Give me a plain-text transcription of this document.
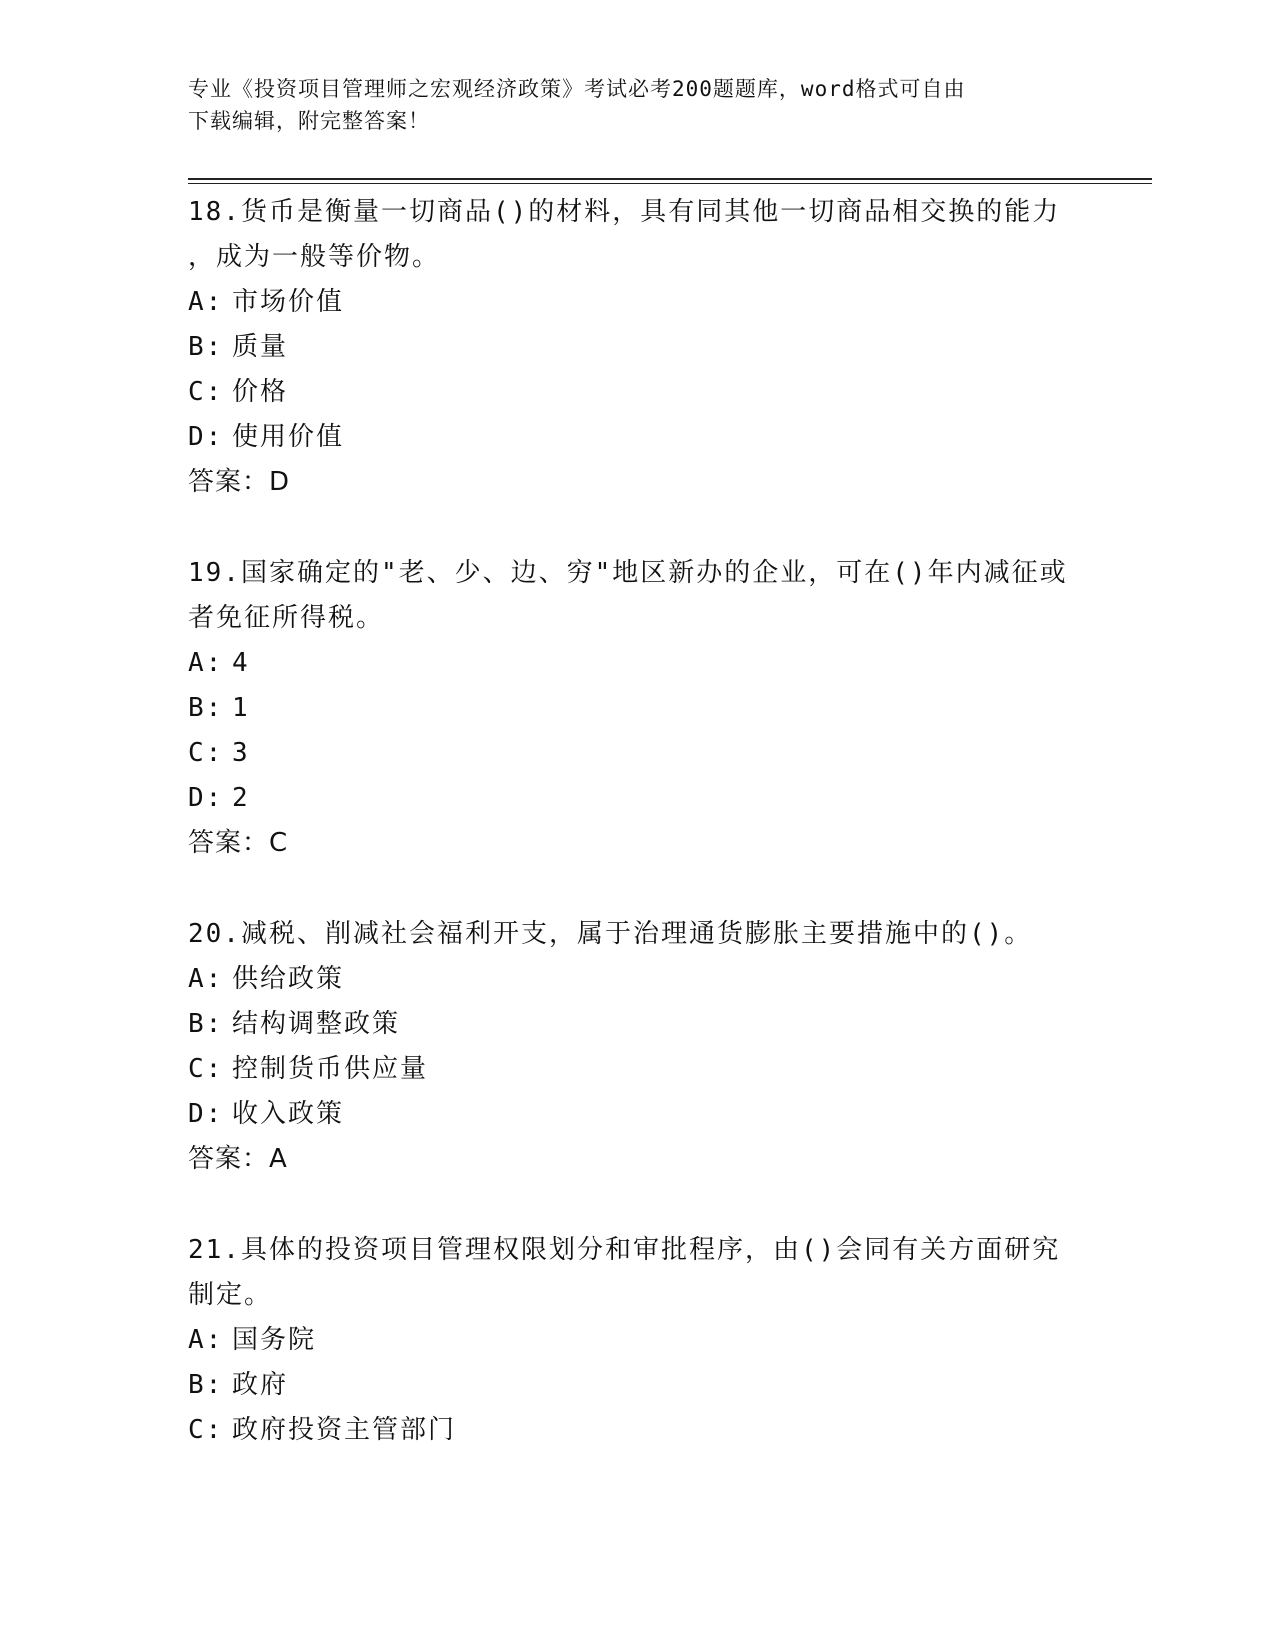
专业《投资项目管理师之宏观经济政策》考试必考200题题库，word格式可自由
下载编辑，附完整答案！

18.货币是衡量一切商品()的材料，具有同其他一切商品相交换的能力

，成为一般等价物。

A: 市场价值

B: 质量

C: 价格

D: 使用价值

答案：D

19.国家确定的"老、少、边、穷"地区新办的企业，可在()年内减征或

者免征所得税。

A: 4

B: 1

C: 3

D: 2

答案：C

20.减税、削减社会福利开支，属于治理通货膨胀主要措施中的()。

A: 供给政策

B: 结构调整政策

C: 控制货币供应量

D: 收入政策

答案：A

21.具体的投资项目管理权限划分和审批程序，由()会同有关方面研究

制定。

A: 国务院

B: 政府

C: 政府投资主管部门
